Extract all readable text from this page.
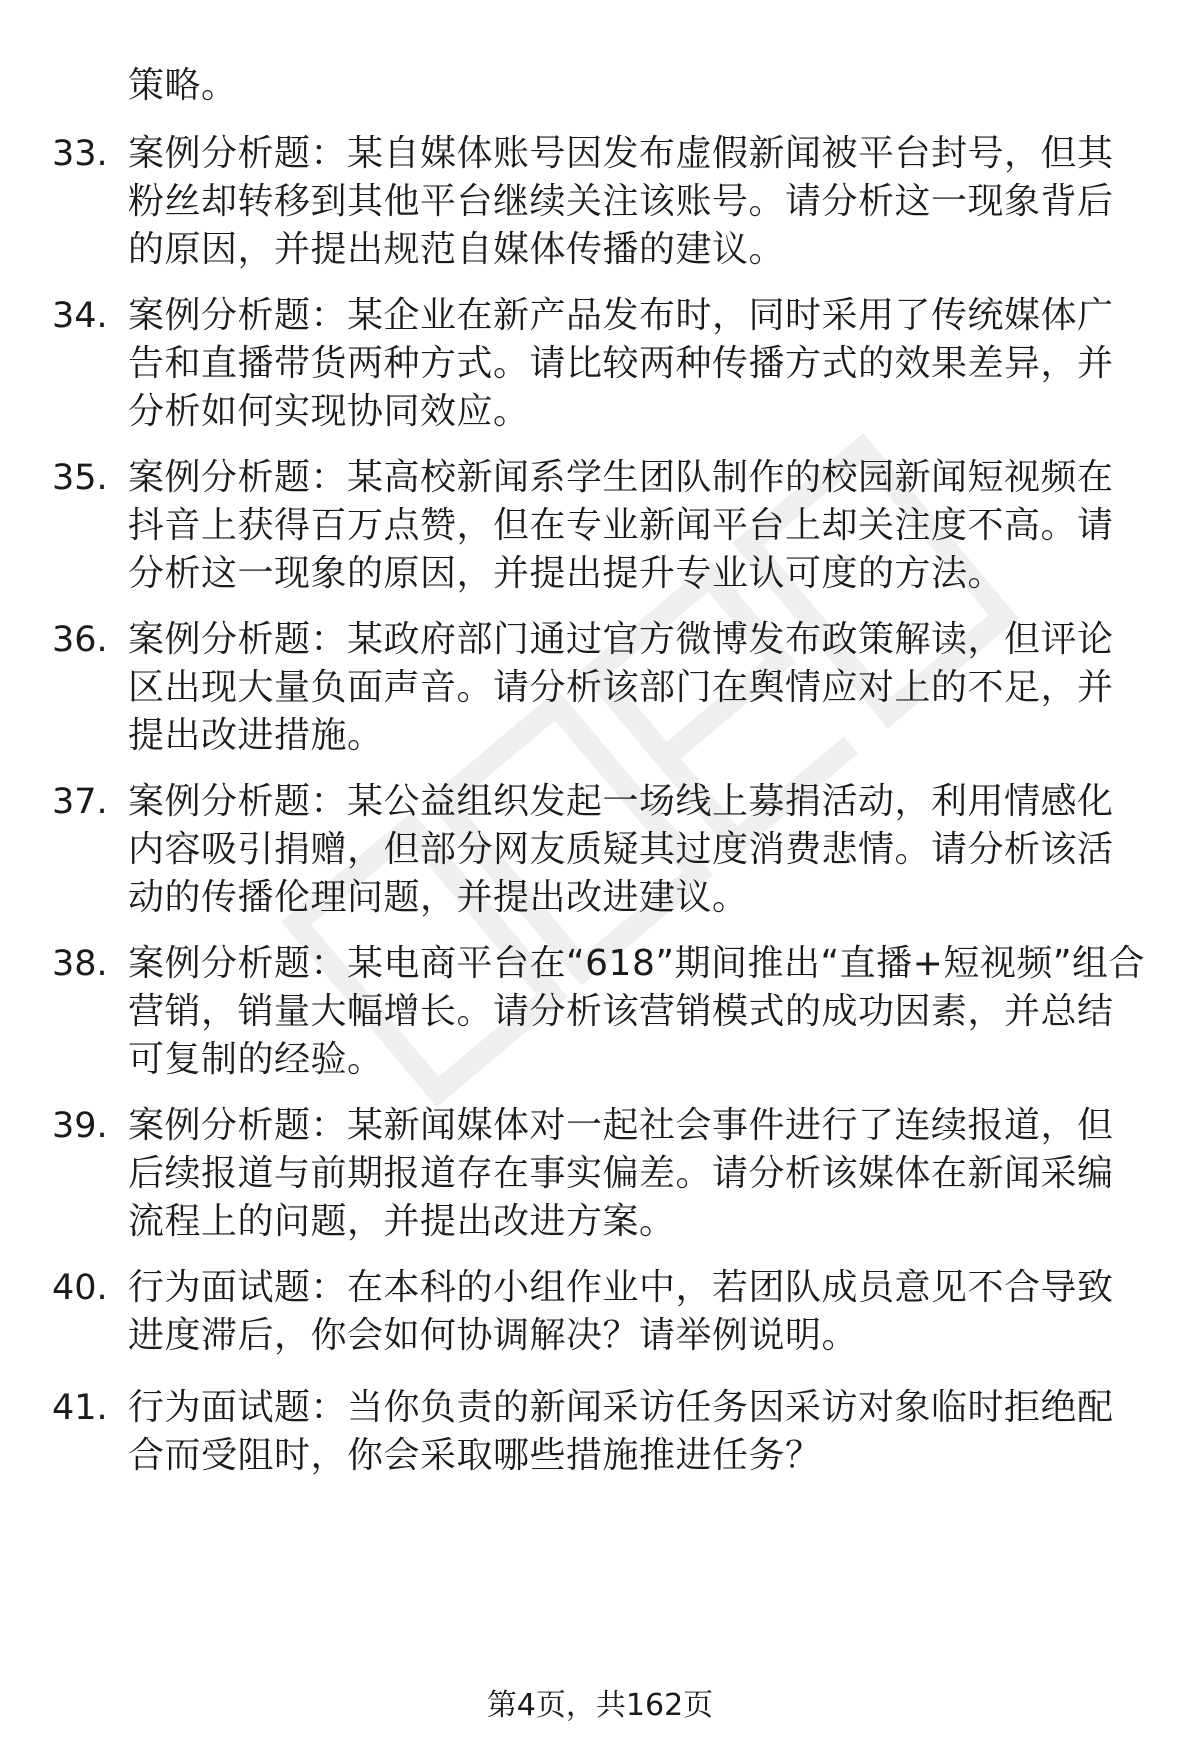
策略。
33. 案例分析题：某自媒体账号因发布虚假新闻被平台封号，但其粉丝却转移到其他平台继续关注该账号。请分析这一现象背后的原因，并提出规范自媒体传播的建议。
34. 案例分析题：某企业在新产品发布时，同时采用了传统媒体广告和直播带货两种方式。请比较两种传播方式的效果差异，并分析如何实现协同效应。
35. 案例分析题：某高校新闻系学生团队制作的校园新闻短视频在抖音上获得百万点赞，但在专业新闻平台上却关注度不高。请分析这一现象的原因，并提出提升专业认可度的方法。
36. 案例分析题：某政府部门通过官方微博发布政策解读，但评论区出现大量负面声音。请分析该部门在舆情应对上的不足，并提出改进措施。
37. 案例分析题：某公益组织发起一场线上募捐活动，利用情感化内容吸引捐赠，但部分网友质疑其过度消费悲情。请分析该活动的传播伦理问题，并提出改进建议。
38. 案例分析题：某电商平台在“618”期间推出“直播+短视频”组合营销，销量大幅增长。请分析该营销模式的成功因素，并总结可复制的经验。
39. 案例分析题：某新闻媒体对一起社会事件进行了连续报道，但后续报道与前期报道存在事实偏差。请分析该媒体在新闻采编流程上的问题，并提出改进方案。
40. 行为面试题：在本科的小组作业中，若团队成员意见不合导致进度滞后，你会如何协调解决？请举例说明。
41. 行为面试题：当你负责的新闻采访任务因采访对象临时拒绝配合而受阻时，你会采取哪些措施推进任务？
第4页，共162页
